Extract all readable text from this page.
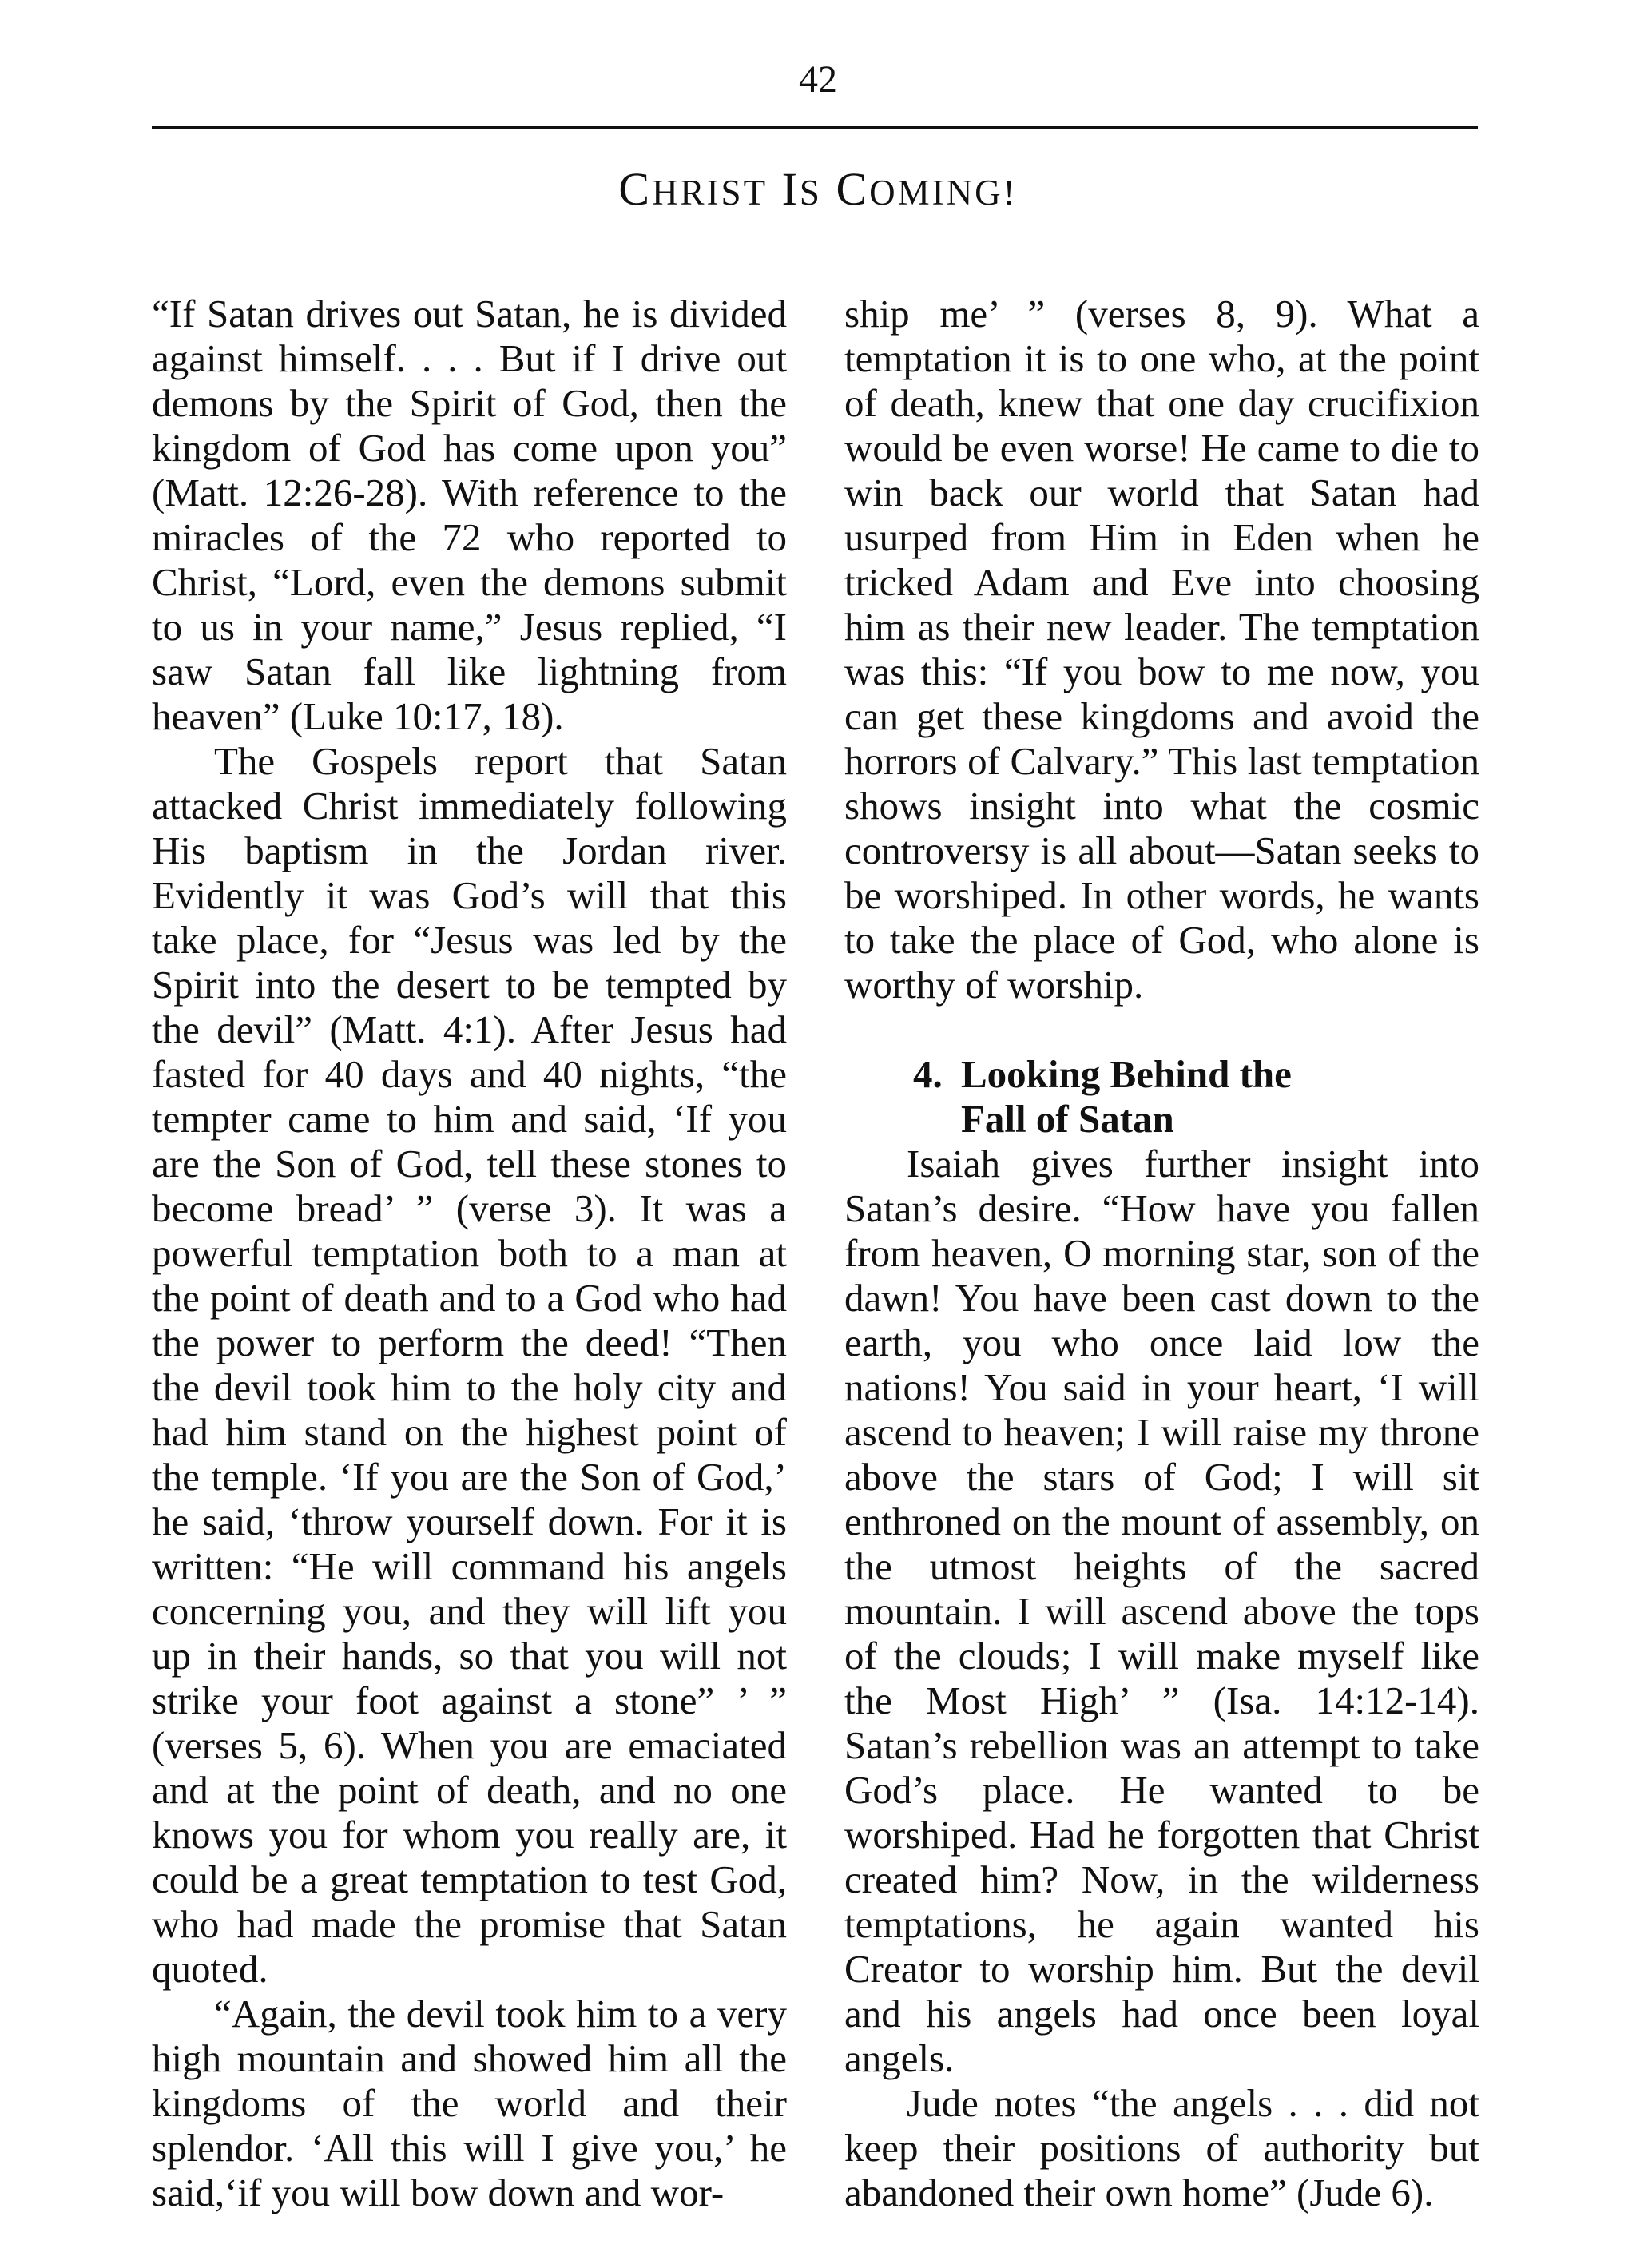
42
CHRIST IS COMING!

“If Satan drives out Satan, he is divided against himself. . . . But if I drive out demons by the Spirit of God, then the kingdom of God has come upon you” (Matt. 12:26-28). With reference to the miracles of the 72 who reported to Christ, “Lord, even the demons submit to us in your name,” Jesus replied, “I saw Satan fall like lightning from heaven” (Luke 10:17, 18).

The Gospels report that Satan attacked Christ immediately following His baptism in the Jordan river. Evidently it was God’s will that this take place, for “Jesus was led by the Spirit into the desert to be tempted by the devil” (Matt. 4:1). After Jesus had fasted for 40 days and 40 nights, “the tempter came to him and said, ‘If you are the Son of God, tell these stones to become bread’ ” (verse 3). It was a powerful temptation both to a man at the point of death and to a God who had the power to perform the deed! “Then the devil took him to the holy city and had him stand on the highest point of the temple. ‘If you are the Son of God,’ he said, ‘throw yourself down. For it is written: “He will command his angels concerning you, and they will lift you up in their hands, so that you will not strike your foot against a stone” ’ ” (verses 5, 6). When you are emaciated and at the point of death, and no one knows you for whom you really are, it could be a great temptation to test God, who had made the promise that Satan quoted.

“Again, the devil took him to a very high mountain and showed him all the kingdoms of the world and their splendor. ‘All this will I give you,’ he said,‘if you will bow down and wor-

ship me’ ” (verses 8, 9). What a temptation it is to one who, at the point of death, knew that one day crucifixion would be even worse! He came to die to win back our world that Satan had usurped from Him in Eden when he tricked Adam and Eve into choosing him as their new leader. The temptation was this: “If you bow to me now, you can get these kingdoms and avoid the horrors of Calvary.” This last temptation shows insight into what the cosmic controversy is all about—Satan seeks to be worshiped. In other words, he wants to take the place of God, who alone is worthy of worship.

4. Looking Behind the
Fall of Satan

Isaiah gives further insight into Satan’s desire. “How have you fallen from heaven, O morning star, son of the dawn! You have been cast down to the earth, you who once laid low the nations! You said in your heart, ‘I will ascend to heaven; I will raise my throne above the stars of God; I will sit enthroned on the mount of assembly, on the utmost heights of the sacred mountain. I will ascend above the tops of the clouds; I will make myself like the Most High’ ” (Isa. 14:12-14). Satan’s rebellion was an attempt to take God’s place. He wanted to be worshiped. Had he forgotten that Christ created him? Now, in the wilderness temptations, he again wanted his Creator to worship him. But the devil and his angels had once been loyal angels.

Jude notes “the angels . . . did not keep their positions of authority but abandoned their own home” (Jude 6).
